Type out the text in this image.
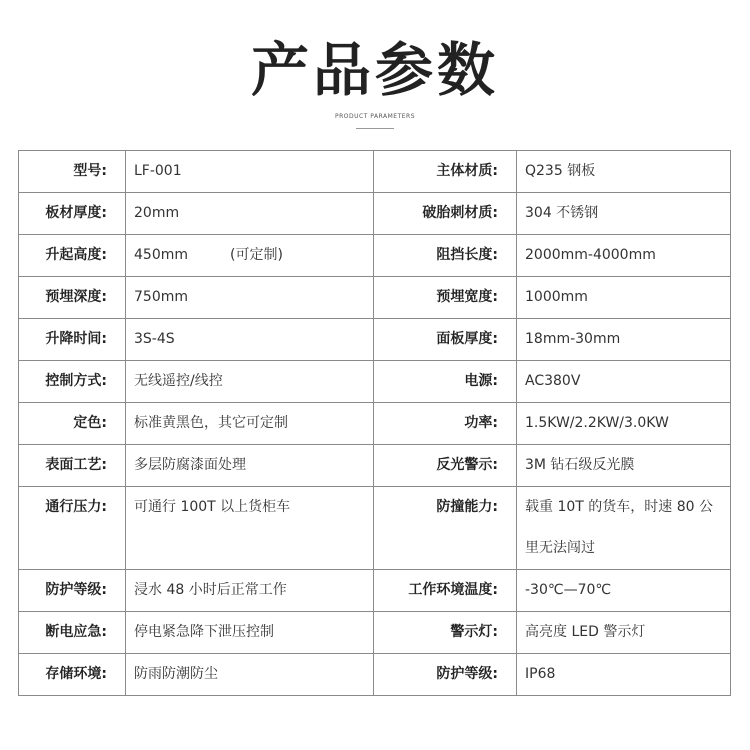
产品参数
PRODUCT PARAMETERS
型号:	LF-001	主体材质:	Q235 钢板
板材厚度:	20mm	破胎刺材质:	304 不锈钢
升起高度:	450mm (可定制)	阻挡长度:	2000mm-4000mm
预埋深度:	750mm	预埋宽度:	1000mm
升降时间:	3S-4S	面板厚度:	18mm-30mm
控制方式:	无线遥控/线控	电源:	AC380V
定色:	标准黄黑色，其它可定制	功率:	1.5KW/2.2KW/3.0KW
表面工艺:	多层防腐漆面处理	反光警示:	3M 钻石级反光膜
通行压力:	可通行 100T 以上货柜车	防撞能力:	载重 10T 的货车，时速 80 公里无法闯过
防护等级:	浸水 48 小时后正常工作	工作环境温度:	-30℃—70℃
断电应急:	停电紧急降下泄压控制	警示灯:	高亮度 LED 警示灯
存储环境:	防雨防潮防尘	防护等级:	IP68
